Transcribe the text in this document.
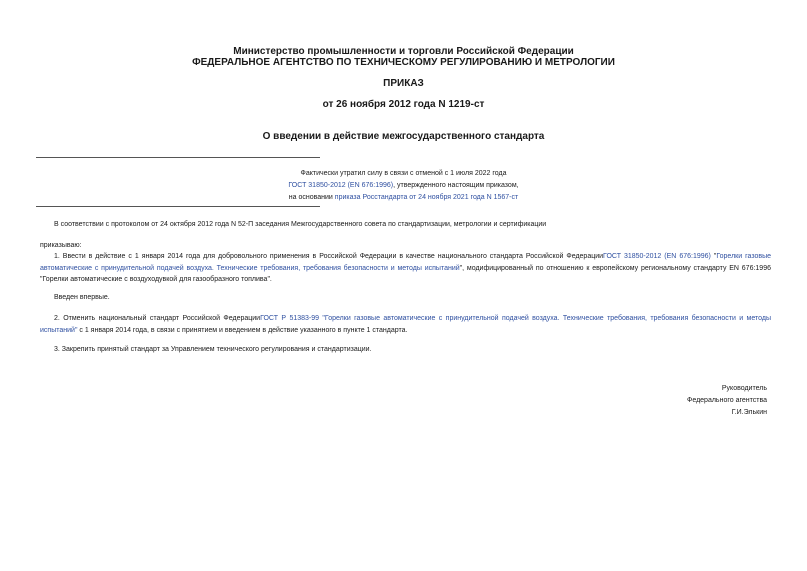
Министерство промышленности и торговли Российской Федерации
ФЕДЕРАЛЬНОЕ АГЕНТСТВО ПО ТЕХНИЧЕСКОМУ РЕГУЛИРОВАНИЮ И МЕТРОЛОГИИ
ПРИКАЗ
от 26 ноября 2012 года N 1219-ст
О введении в действие межгосударственного стандарта
Фактически утратил силу в связи с отменой с 1 июля 2022 года
ГОСТ 31850-2012 (EN 676:1996), утвержденного настоящим приказом,
на основании приказа Росстандарта от 24 ноября 2021 года N 1567-ст
В соответствии с протоколом от 24 октября 2012 года N 52-П заседания Межгосударственного совета по стандартизации, метрологии и сертификации
приказываю:
1. Ввести в действие с 1 января 2014 года для добровольного применения в Российской Федерации в качестве национального стандарта Российской ФедерацииГОСТ 31850-2012 (EN 676:1996) "Горелки газовые автоматические с принудительной подачей воздуха. Технические требования, требования безопасности и методы испытаний", модифицированный по отношению к европейскому региональному стандарту EN 676:1996 "Горелки автоматические с воздуходувкой для газообразного топлива".
Введен впервые.
2. Отменить национальный стандарт Российской ФедерацииГОСТ Р 51383-99 "Горелки газовые автоматические с принудительной подачей воздуха. Технические требования, требования безопасности и методы испытаний" с 1 января 2014 года, в связи с принятием и введением в действие указанного в пункте 1 стандарта.
3. Закрепить принятый стандарт за Управлением технического регулирования и стандартизации.
Руководитель
Федерального агентства
Г.И.Элькин
